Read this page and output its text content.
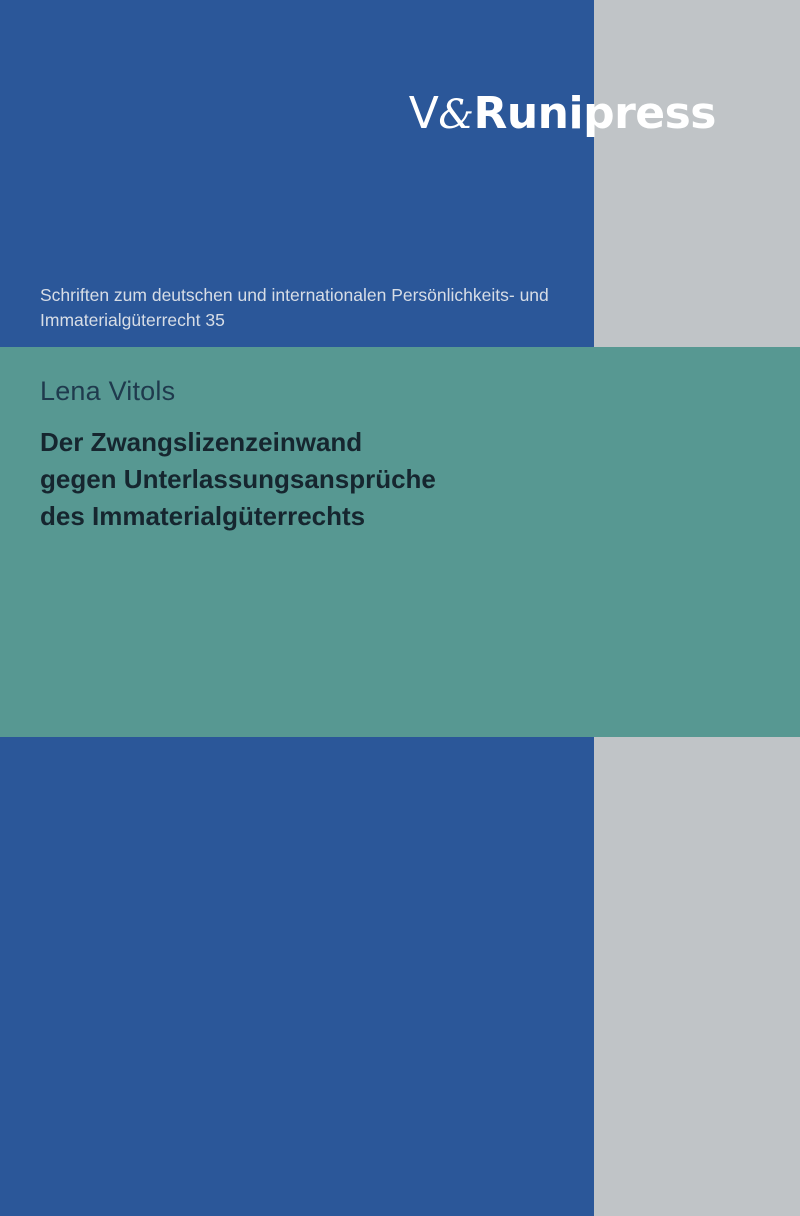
V&Runipress
Schriften zum deutschen und internationalen Persönlichkeits- und Immaterialgüterrecht 35
Lena Vitols
Der Zwangslizenzeinwand
gegen Unterlassungsansprüche
des Immaterialgüterrechts
